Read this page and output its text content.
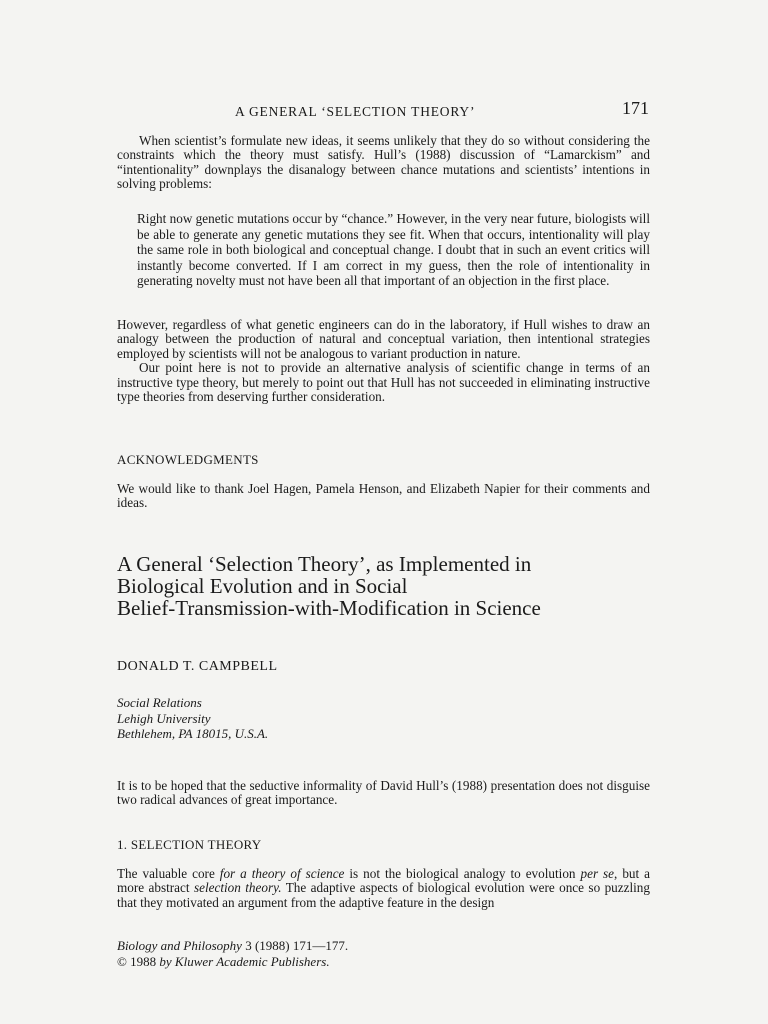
A GENERAL ‘SELECTION THEORY’	171

When scientist’s formulate new ideas, it seems unlikely that they do so without considering the constraints which the theory must satisfy. Hull’s (1988) discussion of “Lamarckism” and “intentionality” downplays the disanalogy between chance mutations and scientists’ intentions in solving problems:

Right now genetic mutations occur by “chance.” However, in the very near future, biologists will be able to generate any genetic mutations they see fit. When that occurs, intentionality will play the same role in both biological and conceptual change. I doubt that in such an event critics will instantly become converted. If I am correct in my guess, then the role of intentionality in generating novelty must not have been all that important of an objection in the first place.

However, regardless of what genetic engineers can do in the laboratory, if Hull wishes to draw an analogy between the production of natural and conceptual variation, then intentional strategies employed by scientists will not be analogous to variant production in nature.

Our point here is not to provide an alternative analysis of scientific change in terms of an instructive type theory, but merely to point out that Hull has not succeeded in eliminating instructive type theories from deserving further consideration.

ACKNOWLEDGMENTS

We would like to thank Joel Hagen, Pamela Henson, and Elizabeth Napier for their comments and ideas.

A General ‘Selection Theory’, as Implemented in
Biological Evolution and in Social
Belief-Transmission-with-Modification in Science
DONALD T. CAMPBELL
Social Relations
Lehigh University
Bethlehem, PA 18015, U.S.A.

It is to be hoped that the seductive informality of David Hull’s (1988) presentation does not disguise two radical advances of great importance.

1. SELECTION THEORY

The valuable core for a theory of science is not the biological analogy to evolution per se, but a more abstract selection theory. The adaptive aspects of biological evolution were once so puzzling that they motivated an argument from the adaptive feature in the design

Biology and Philosophy 3 (1988) 171—177.
© 1988 by Kluwer Academic Publishers.
